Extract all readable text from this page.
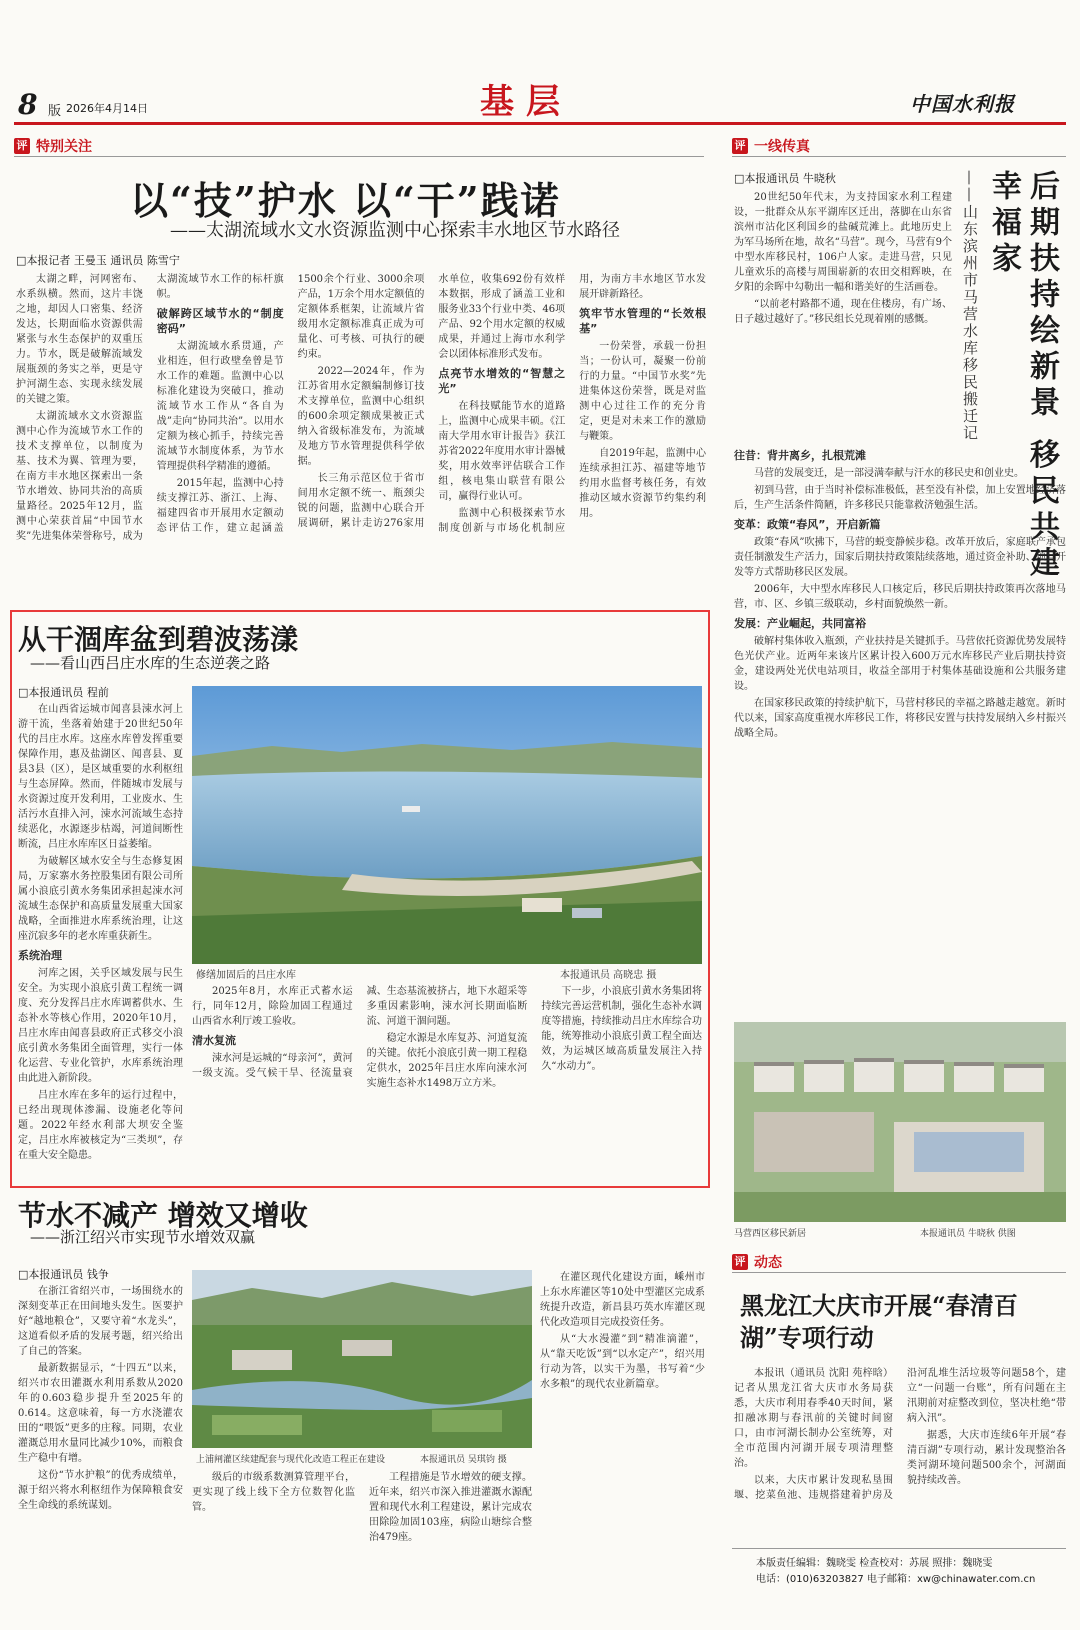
8 版 2026年4月14日	基层	中国水利报
评 特别关注
以“技”护水 以“干”践诺
——太湖流域水文水资源监测中心探索丰水地区节水路径
□本报记者 王曼玉 通讯员 陈雪宁

太湖之畔，河网密布、水系纵横。然而，这片丰饶之地，却因人口密集、经济发达，长期面临水资源供需紧张与水生态保护的双重压力。节水，既是破解流域发展瓶颈的务实之举，更是守护河湖生态、实现永续发展的关键之策。

太湖流域水文水资源监测中心作为流域节水工作的技术支撑单位，以制度为基、技术为翼、管理为要，在南方丰水地区探索出一条节水增效、协同共治的高质量路径。2025年12月，监测中心荣获首届“中国节水奖”先进集体荣誉称号，成为太湖流域节水工作的标杆旗帜。

破解跨区域节水的“制度密码”

太湖流域水系贯通，产业相连，但行政壁垒曾是节水工作的难题。监测中心以标准化建设为突破口，推动流域节水工作从“各自为战”走向“协同共治”。以用水定额为核心抓手，持续完善流域节水制度体系，为节水管理提供科学精准的遵循。

2015年起，监测中心持续支撑江苏、浙江、上海、福建四省市开展用水定额动态评估工作，建立起涵盖1500余个行业、3000余项产品，1万余个用水定额值的定额体系框架，让流域片省级用水定额标准真正成为可量化、可考核、可执行的硬约束。

2022—2024年，作为江苏省用水定额编制修订技术支撑单位，监测中心组织的600余项定额成果被正式纳入省级标准发布，为流域及地方节水管理提供科学依据。

长三角示范区位于省市间用水定额不统一、瓶颈尖锐的问题，监测中心联合开展调研，累计走访276家用水单位，收集692份有效样本数据，形成了涵盖工业和服务业33个行业中类、46项产品、92个用水定额的权威成果，并通过上海市水利学会以团体标准形式发布。

点亮节水增效的“智慧之光”

在科技赋能节水的道路上，监测中心成果丰硕。《江南大学用水审计报告》获江苏省2022年度用水审计器械奖，用水效率评估联合工作组，核电集山联营有限公司，赢得行业认可。

监测中心积极探索节水制度创新与市场化机制应用，为南方丰水地区节水发展开辟新路径。

筑牢节水管理的“长效根基”

一份荣誉，承载一份担当；一份认可，凝聚一份前行的力量。“中国节水奖”先进集体这份荣誉，既是对监测中心过往工作的充分肯定，更是对未来工作的激励与鞭策。

自2019年起，监测中心连续承担江苏、福建等地节约用水监督考核任务，有效推动区域水资源节约集约利用。

从干涸库盆到碧波荡漾
——看山西吕庄水库的生态逆袭之路
□本报通讯员 程前

在山西省运城市闻喜县涑水河上游干流，坐落着始建于20世纪50年代的吕庄水库。这座水库曾发挥重要保障作用，惠及盐湖区、闻喜县、夏县3县（区），是区域重要的水利枢纽与生态屏障。然而，伴随城市发展与水资源过度开发利用，工业废水、生活污水直排入河，涑水河流域生态持续恶化，水源逐步枯竭，河道间断性断流，吕庄水库库区日益萎缩。

为破解区域水安全与生态修复困局，万家寨水务控股集团有限公司所属小浪底引黄水务集团承担起涑水河流域生态保护和高质量发展重大国家战略，全面推进水库系统治理，让这座沉寂多年的老水库重获新生。

系统治理

河库之困，关乎区域发展与民生安全。为实现小浪底引黄工程统一调度、充分发挥吕庄水库调蓄供水、生态补水等核心作用，2020年10月，吕庄水库由闻喜县政府正式移交小浪底引黄水务集团全面管理，实行一体化运营、专业化管护，水库系统治理由此进入新阶段。

吕庄水库在多年的运行过程中，已经出现现体渗漏、设施老化等问题。2022年经水利部大坝安全鉴定，吕庄水库被核定为“三类坝”，存在重大安全隐患。

修缮加固后的吕庄水库	本报通讯员 高晓忠 摄

2025年8月，水库正式蓄水运行，同年12月，除险加固工程通过山西省水利厅竣工验收。

清水复流

涑水河是运城的“母亲河”，黄河一级支流。受气候干旱、径流量衰减、生态基流被挤占，地下水超采等多重因素影响，涑水河长期面临断流、河道干涸问题。

稳定水源是水库复苏、河道复流的关键。依托小浪底引黄一期工程稳定供水，2025年吕庄水库向涑水河实施生态补水1498万立方米。

下一步，小浪底引黄水务集团将持续完善运营机制，强化生态补水调度等措施，持续推动吕庄水库综合功能，统筹推动小浪底引黄工程全面达效，为运城区域高质量发展注入持久“水动力”。

节水不减产 增效又增收
——浙江绍兴市实现节水增效双赢
□本报通讯员 钱争

在浙江省绍兴市，一场围绕水的深刻变革正在田间地头发生。医要护好“越地粮仓”，又要守着“水龙头”，这道看似矛盾的发展考题，绍兴给出了自己的答案。

最新数据显示，“十四五”以来，绍兴市农田灌溉水利用系数从2020年的0.603稳步提升至2025年的0.614。这意味着，每一方水浇灌农田的“喂饭”更多的庄稼。同期，农业灌溉总用水量同比减少10%，而粮食生产稳中有增。

这份“节水护粮”的优秀成绩单，源于绍兴将水利枢纽作为保障粮食安全生命线的系统谋划。

上浦闸灌区续建配套与现代化改造工程正在建设	本报通讯员 吴琪钧 摄

级后的市级系数测算管理平台，更实现了线上线下全方位数智化监管。

工程措施是节水增效的硬支撑。近年来，绍兴市深入推进灌溉水源配置和现代水利工程建设，累计完成农田除险加固103座，病险山塘综合整治479座。

在灌区现代化建设方面，嵊州市上东水库灌区等10处中型灌区完成系统提升改造，新昌县巧英水库灌区现代化改造项目完成投资任务。

从“大水漫灌”到“精准滴灌”，从“靠天吃饭”到“以水定产”，绍兴用行动为答，以实干为墨，书写着“少水多粮”的现代农业新篇章。

评 一线传真
后期扶持绘新景 移民共建幸福家
——山东滨州市马营水库移民搬迁记
□本报通讯员 牛晓秋

20世纪50年代末，为支持国家水利工程建设，一批群众从东平湖库区迁出，落脚在山东省滨州市沾化区利国乡的盐碱荒滩上。此地历史上为军马场所在地，故名“马营”。现今，马营有9个中型水库移民村，106户人家。走进马营，只见儿童欢乐的高楼与周围崭新的农田交相辉映，在夕阳的余晖中勾勒出一幅和谐美好的生活画卷。

“以前老村路都不通，现在住楼房，有广场、日子越过越好了。”移民组长兑现着刚的感慨。

往昔：背井离乡，扎根荒滩

马营的发展变迁，是一部浸满奉献与汗水的移民史和创业史。

初到马营，由于当时补偿标准极低，甚至没有补偿，加上安置地经济落后，生产生活条件简陋，许多移民只能靠救济勉强生活。

变革：政策“春风”，开启新篇

政策“春风”吹拂下，马营的蜕变静候步稳。改革开放后，家庭联产承包责任制激发生产活力，国家后期扶持政策陆续落地，通过资金补助、项目开发等方式帮助移民区发展。

2006年，大中型水库移民人口核定后，移民后期扶持政策再次落地马营，市、区、乡镇三级联动，乡村面貌焕然一新。

发展：产业崛起，共同富裕

破解村集体收入瓶颈，产业扶持是关键抓手。马营依托资源优势发展特色光伏产业。近两年来该片区累计投入600万元水库移民产业后期扶持资金，建设两处光伏电站项目，收益全部用于村集体基础设施和公共服务建设。

在国家移民政策的持续护航下，马营村移民的幸福之路越走越宽。新时代以来，国家高度重视水库移民工作，将移民安置与扶持发展纳入乡村振兴战略全局。

马营西区移民新居	本报通讯员 牛晓秋 供图
评 动态
黑龙江大庆市开展“春清百湖”专项行动

本报讯（通讯员 沈阳 苑梓晗）记者从黑龙江省大庆市水务局获悉，大庆市利用春季40天时间，紧扣融冰期与春汛前的关键时间窗口，由市河湖长制办公室统筹，对全市范围内河湖开展专项清理整治。

以来，大庆市累计发现私垦围堰、挖菜鱼池、违规搭建着护房及沿河乱堆生活垃圾等问题58个，建立“一问题一台账”，所有问题在主汛期前对症整改到位，坚决杜绝“带病入汛”。

据悉，大庆市连续6年开展“春清百湖”专项行动，累计发现整治各类河湖环境问题500余个，河湖面貌持续改善。

本版责任编辑：魏晓雯 检查校对：苏展 照排：魏晓雯
电话：(010)63203827 电子邮箱：xw@chinawater.com.cn
